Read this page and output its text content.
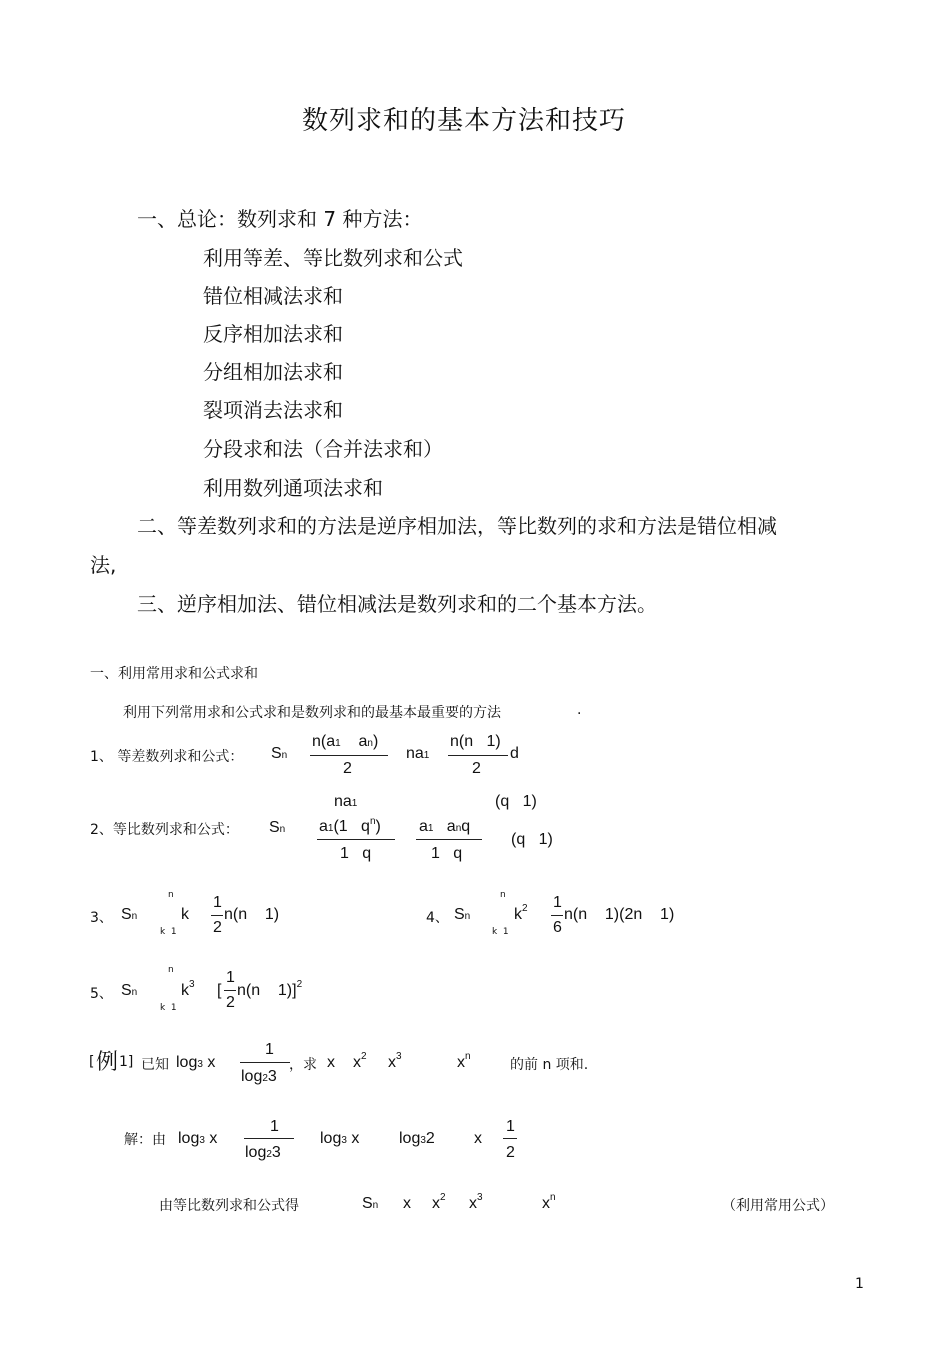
数列求和的基本方法和技巧
一、总论：数列求和 7 种方法：
利用等差、等比数列求和公式
错位相减法求和
反序相加法求和
分组相加法求和
裂项消去法求和
分段求和法（合并法求和）
利用数列通项法求和
二、等差数列求和的方法是逆序相加法，等比数列的求和方法是错位相减
法,
三、逆序相加法、错位相减法是数列求和的二个基本方法。
一、利用常用求和公式求和
利用下列常用求和公式求和是数列求和的最基本最重要的方法	.
1、 等差数列求和公式： Sn
n(a1    an)
2
na1
n(n   1)
2
d
2、等比数列求和公式： Sn
na1	(q   1)
a1(1   $q^n$)
1   q
a1   anq
1   q
(q   1)
3、 Sn
n
k
k  1
1
2
n(n    1)	4、 Sn
n
$k^2$
k  1
1
6
n(n    1)(2n    1)
5、 Sn
n
$k^3$
k  1
[
1
2
n(n    1)]$^2$
[ 例 1] 已知 log3 x
1
log23
，求 x $x^2$ $x^3$	$x^n$
的前 n 项和.
解：由 log3 x
1
log23
log3 x log32 x
1
2
由等比数列求和公式得	Sn x $x^2$ $x^3$	$x^n$
（利用常用公式）
1
